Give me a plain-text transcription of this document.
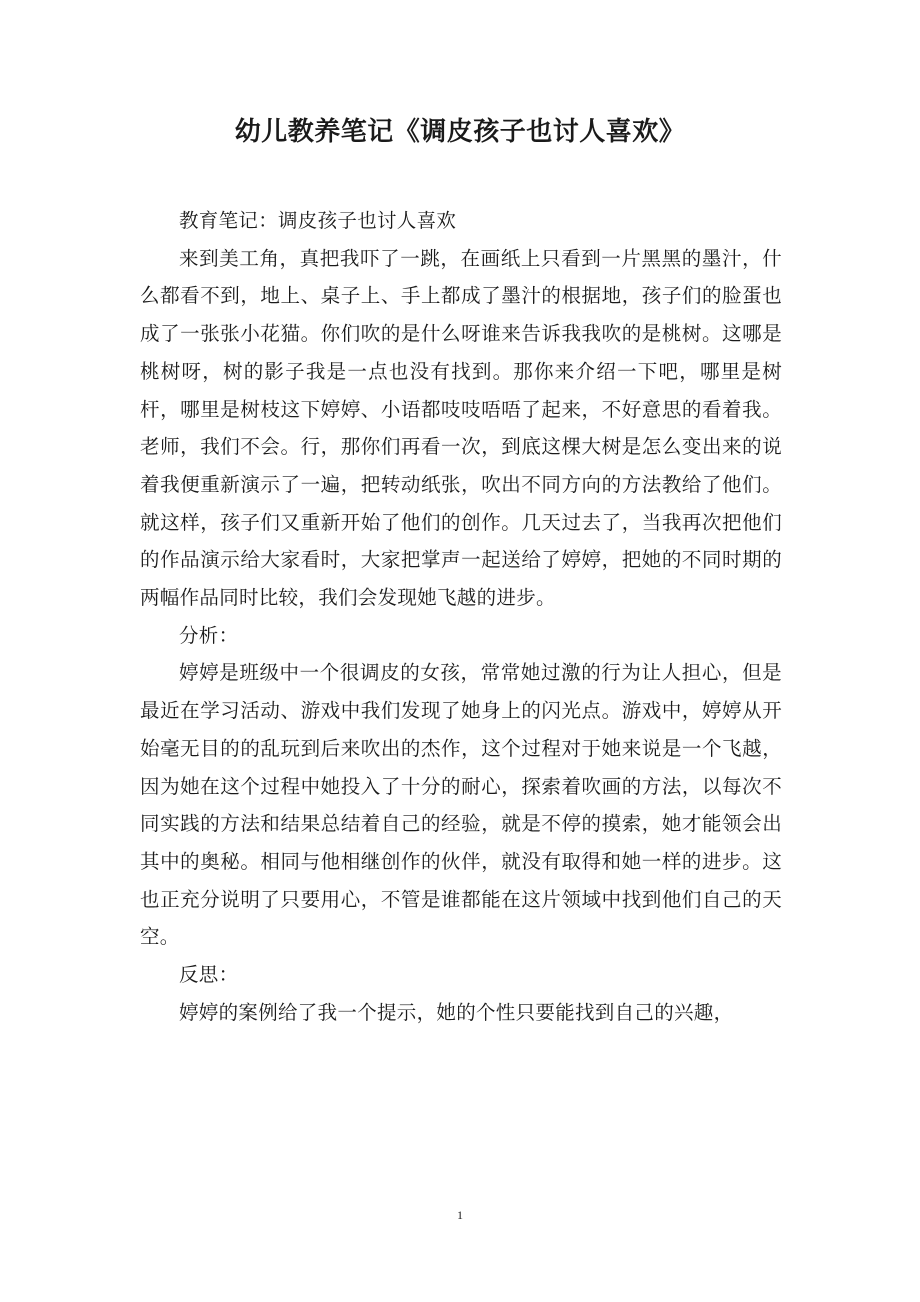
幼儿教养笔记《调皮孩子也讨人喜欢》

教育笔记：调皮孩子也讨人喜欢

来到美工角，真把我吓了一跳，在画纸上只看到一片黑黑的墨汁，什么都看不到，地上、桌子上、手上都成了墨汁的根据地，孩子们的脸蛋也成了一张张小花猫。你们吹的是什么呀谁来告诉我我吹的是桃树。这哪是桃树呀，树的影子我是一点也没有找到。那你来介绍一下吧，哪里是树杆，哪里是树枝这下婷婷、小语都吱吱唔唔了起来，不好意思的看着我。老师，我们不会。行，那你们再看一次，到底这棵大树是怎么变出来的说着我便重新演示了一遍，把转动纸张，吹出不同方向的方法教给了他们。就这样，孩子们又重新开始了他们的创作。几天过去了，当我再次把他们的作品演示给大家看时，大家把掌声一起送给了婷婷，把她的不同时期的两幅作品同时比较，我们会发现她飞越的进步。

分析：

婷婷是班级中一个很调皮的女孩，常常她过激的行为让人担心，但是最近在学习活动、游戏中我们发现了她身上的闪光点。游戏中，婷婷从开始毫无目的的乱玩到后来吹出的杰作，这个过程对于她来说是一个飞越，因为她在这个过程中她投入了十分的耐心，探索着吹画的方法，以每次不同实践的方法和结果总结着自己的经验，就是不停的摸索，她才能领会出其中的奥秘。相同与他相继创作的伙伴，就没有取得和她一样的进步。这也正充分说明了只要用心，不管是谁都能在这片领域中找到他们自己的天空。

反思：

婷婷的案例给了我一个提示，她的个性只要能找到自己的兴趣，

1
